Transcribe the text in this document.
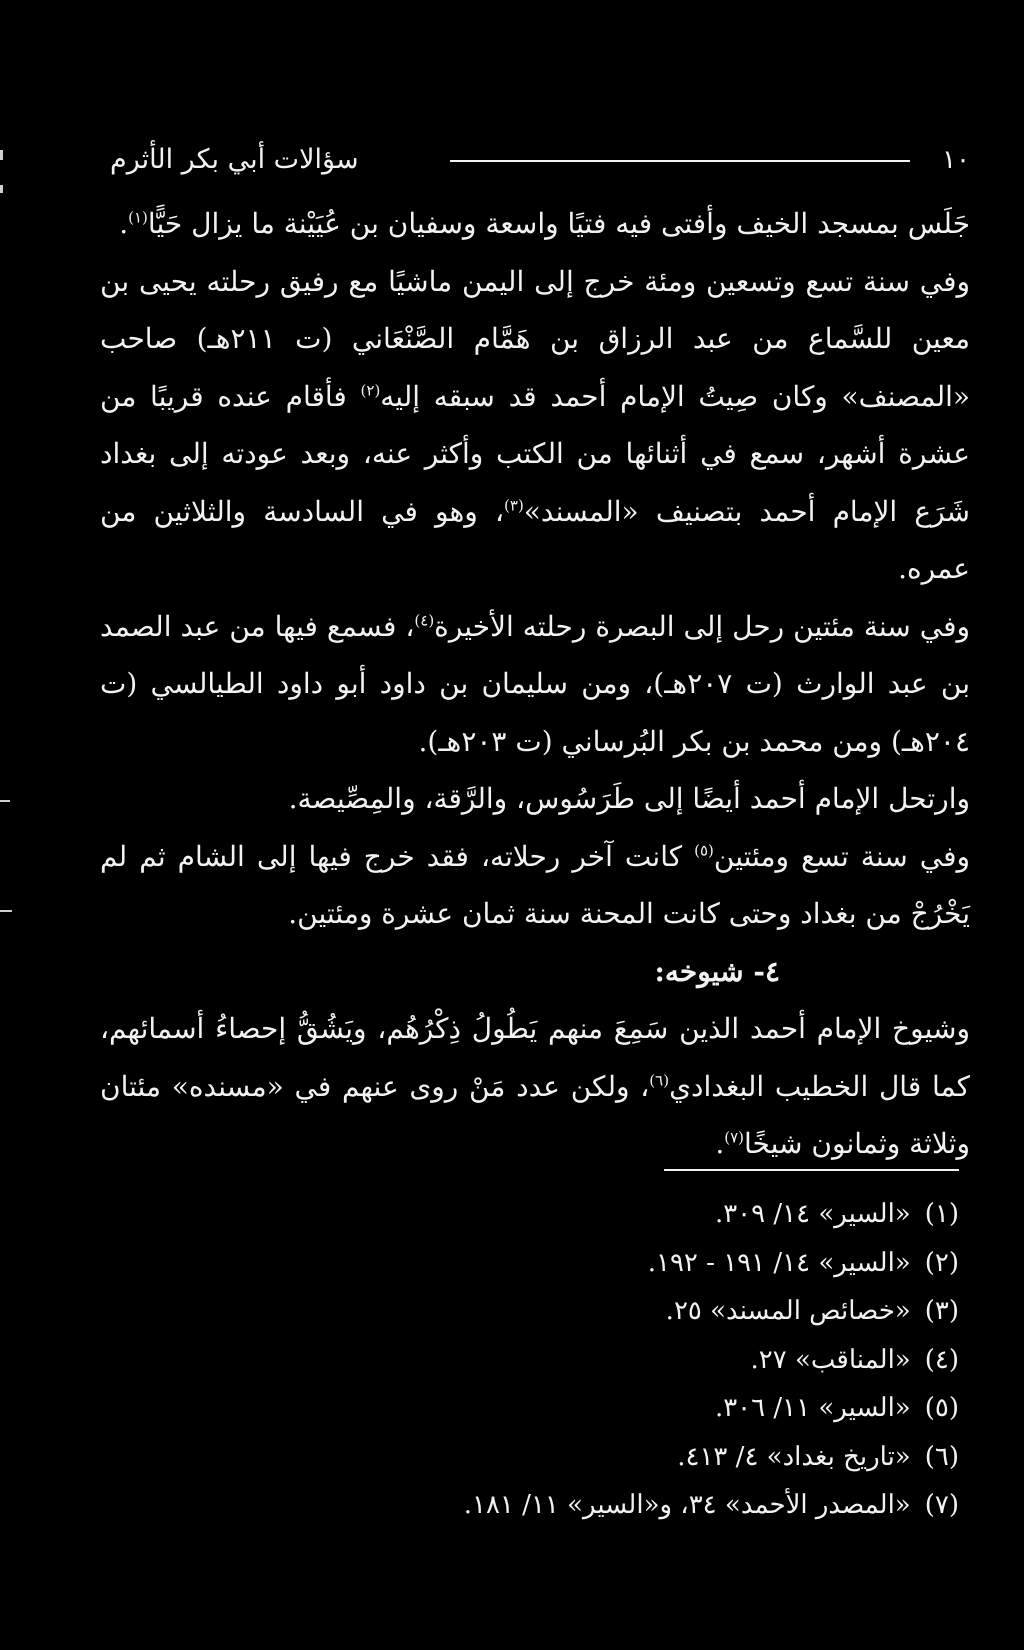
١٠
سؤالات أبي بكر الأثرم

جَلَس بمسجد الخيف وأفتى فيه فتيًا واسعة وسفيان بن عُيَيْنة ما يزال حَيًّا$^{(١)}$.

وفي سنة تسع وتسعين ومئة خرج إلى اليمن ماشيًا مع رفيق رحلته يحيى بن معين للسَّماع من عبد الرزاق بن هَمَّام الصَّنْعَاني (ت ٢١١هـ) صاحب «المصنف» وكان صِيتُ الإمام أحمد قد سبقه إليه$^{(٢)}$ فأقام عنده قريبًا من عشرة أشهر، سمع في أثنائها من الكتب وأكثر عنه، وبعد عودته إلى بغداد شَرَع الإمام أحمد بتصنيف «المسند»$^{(٣)}$، وهو في السادسة والثلاثين من عمره.

وفي سنة مئتين رحل إلى البصرة رحلته الأخيرة$^{(٤)}$، فسمع فيها من عبد الصمد بن عبد الوارث (ت ٢٠٧هـ)، ومن سليمان بن داود أبو داود الطيالسي (ت ٢٠٤هـ) ومن محمد بن بكر البُرساني (ت ٢٠٣هـ).

وارتحل الإمام أحمد أيضًا إلى طَرَسُوس، والرَّقة، والمِصِّيصة.

وفي سنة تسع ومئتين$^{(٥)}$ كانت آخر رحلاته، فقد خرج فيها إلى الشام ثم لم يَخْرُجْ من بغداد وحتى كانت المحنة سنة ثمان عشرة ومئتين.

٤- شيوخه:

وشيوخ الإمام أحمد الذين سَمِعَ منهم يَطُولُ ذِكْرُهُم، ويَشُقُّ إحصاءُ أسمائهم، كما قال الخطيب البغدادي$^{(٦)}$، ولكن عدد مَنْ روى عنهم في «مسنده» مئتان وثلاثة وثمانون شيخًا$^{(٧)}$.

(١)«السير» ١٤/ ٣٠٩.
(٢)«السير» ١٤/ ١٩١ - ١٩٢.
(٣)«خصائص المسند» ٢٥.
(٤)«المناقب» ٢٧.
(٥)«السير» ١١/ ٣٠٦.
(٦)«تاريخ بغداد» ٤/ ٤١٣.
(٧)«المصدر الأحمد» ٣٤، و«السير» ١١/ ١٨١.
